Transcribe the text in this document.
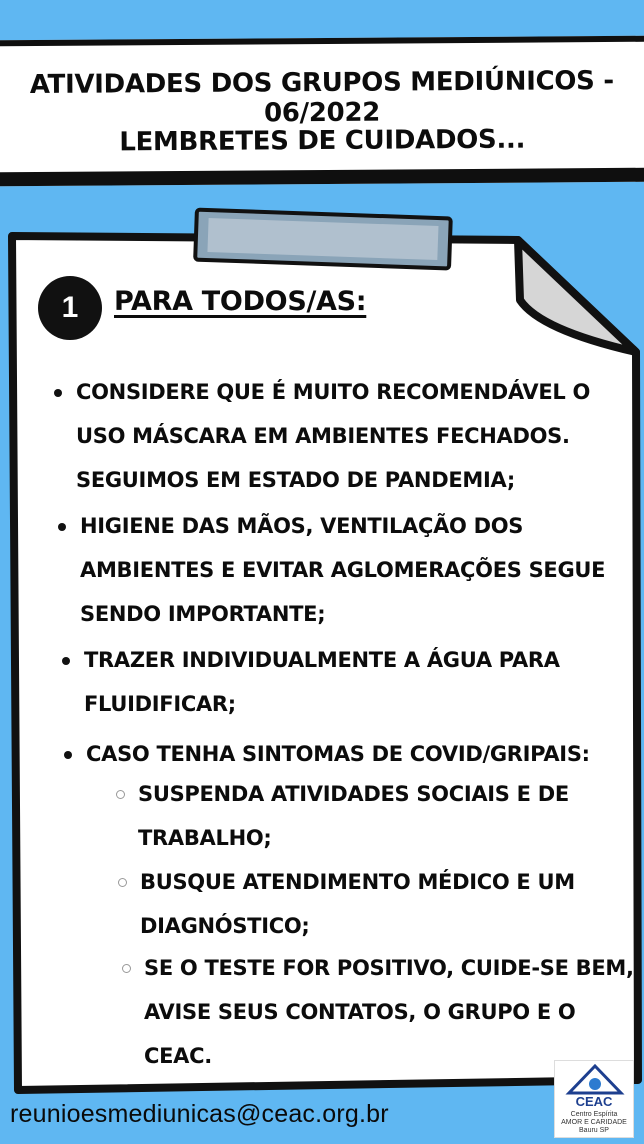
ATIVIDADES DOS GRUPOS MEDIÚNICOS - 06/2022
LEMBRETES DE CUIDADOS...
1	PARA TODOS/AS:
CONSIDERE QUE É MUITO RECOMENDÁVEL O
USO MÁSCARA EM AMBIENTES FECHADOS.
SEGUIMOS EM ESTADO DE PANDEMIA;
HIGIENE DAS MÃOS, VENTILAÇÃO DOS
AMBIENTES E EVITAR AGLOMERAÇÕES SEGUE
SENDO IMPORTANTE;
TRAZER INDIVIDUALMENTE A ÁGUA PARA
FLUIDIFICAR;
CASO TENHA SINTOMAS DE COVID/GRIPAIS:
SUSPENDA ATIVIDADES SOCIAIS E DE
TRABALHO;
BUSQUE ATENDIMENTO MÉDICO E UM
DIAGNÓSTICO;
SE O TESTE FOR POSITIVO, CUIDE-SE BEM,
AVISE SEUS CONTATOS, O GRUPO E O
CEAC.
reunioesmediunicas@ceac.org.br	CEAC
Centro Espírita
AMOR E CARIDADE
Bauru SP
